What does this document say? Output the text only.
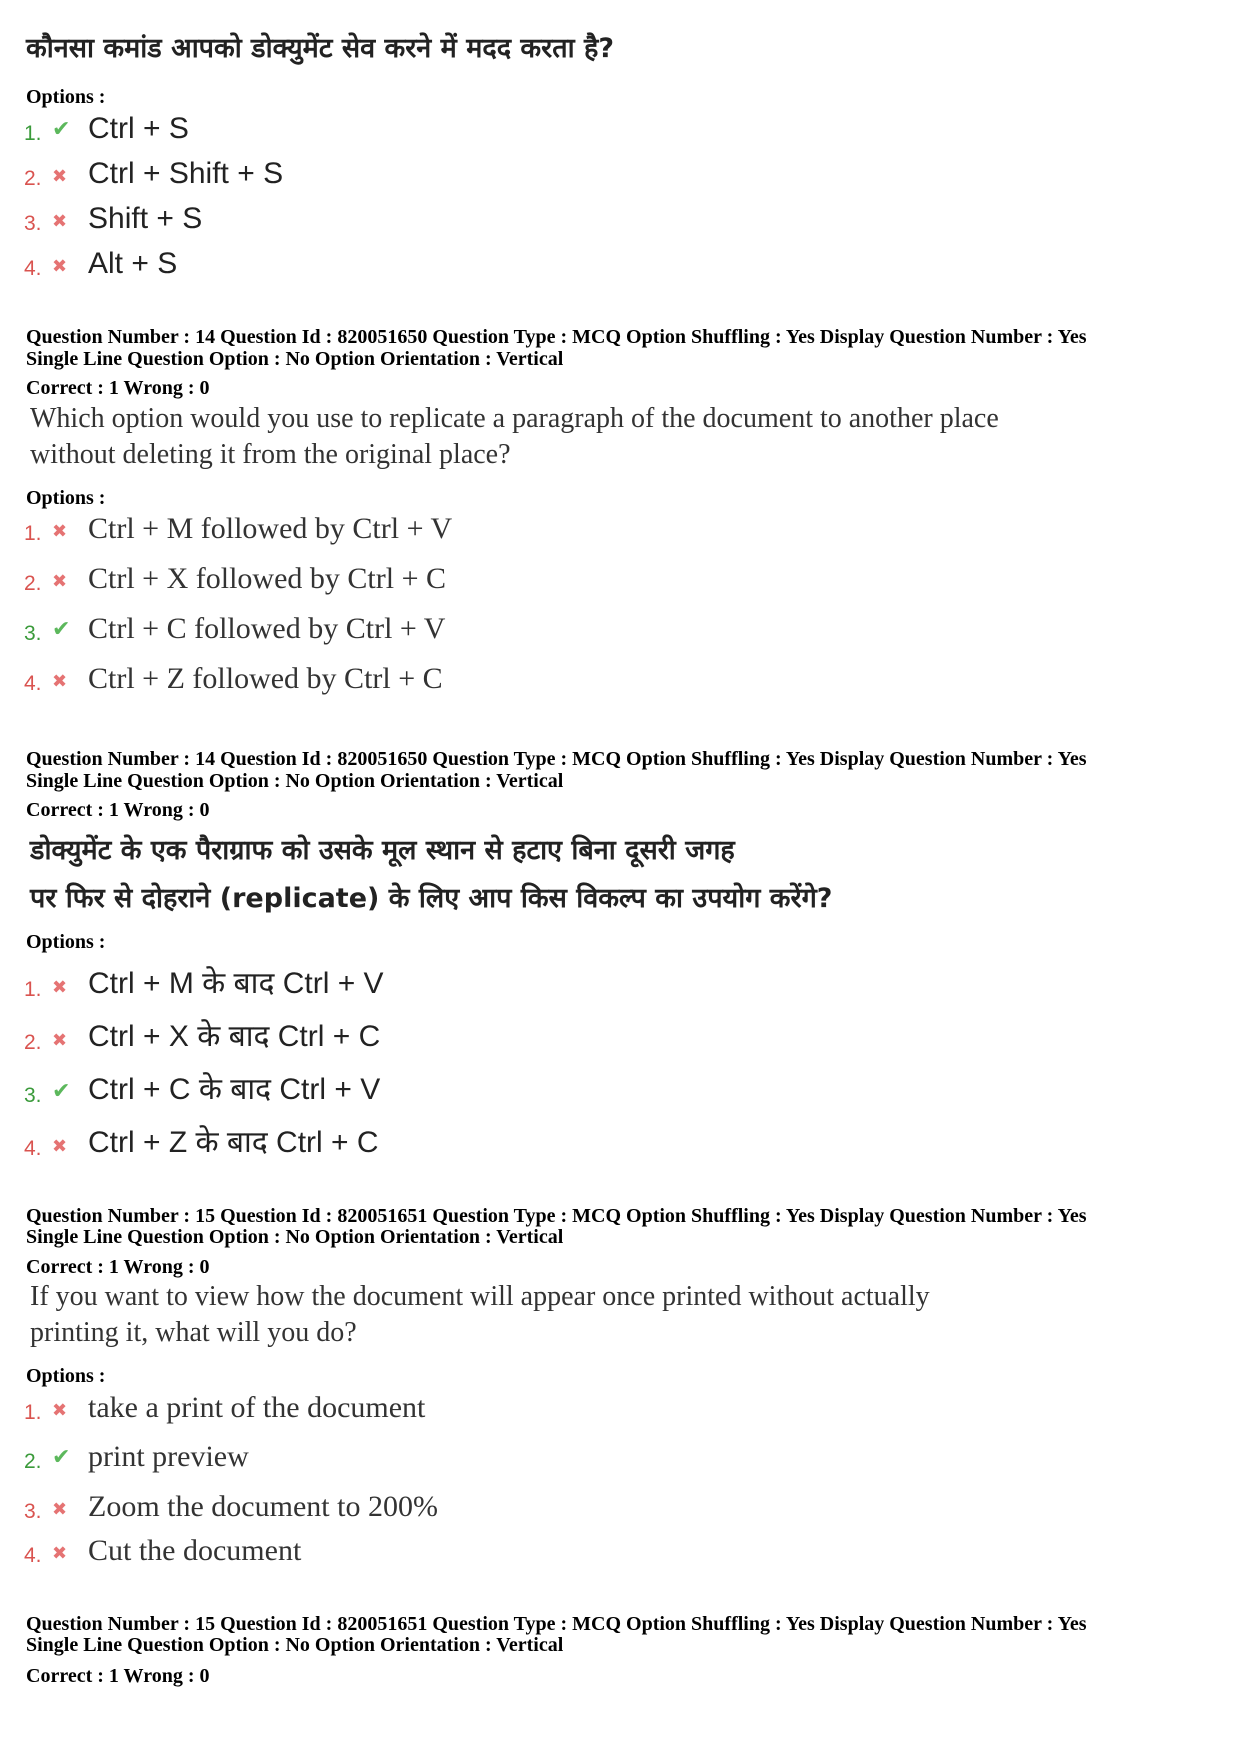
कौनसा कमांड आपको डोक्युमेंट सेव करने में मदद करता है?
Options :
1. ✔ Ctrl + S
2. ✖ Ctrl + Shift + S
3. ✖ Shift + S
4. ✖ Alt + S
Question Number : 14 Question Id : 820051650 Question Type : MCQ Option Shuffling : Yes Display Question Number : Yes
Single Line Question Option : No Option Orientation : Vertical
Correct : 1 Wrong : 0
Which option would you use to replicate a paragraph of the document to another place
without deleting it from the original place?
Options :
1. ✖ Ctrl + M followed by Ctrl + V
2. ✖ Ctrl + X followed by Ctrl + C
3. ✔ Ctrl + C followed by Ctrl + V
4. ✖ Ctrl + Z followed by Ctrl + C
Question Number : 14 Question Id : 820051650 Question Type : MCQ Option Shuffling : Yes Display Question Number : Yes
Single Line Question Option : No Option Orientation : Vertical
Correct : 1 Wrong : 0
डोक्युमेंट के एक पैराग्राफ को उसके मूल स्थान से हटाए बिना दूसरी जगह
पर फिर से दोहराने (replicate) के लिए आप किस विकल्प का उपयोग करेंगे?
Options :
1. ✖ Ctrl + M के बाद Ctrl + V
2. ✖ Ctrl + X के बाद Ctrl + C
3. ✔ Ctrl + C के बाद Ctrl + V
4. ✖ Ctrl + Z के बाद Ctrl + C
Question Number : 15 Question Id : 820051651 Question Type : MCQ Option Shuffling : Yes Display Question Number : Yes
Single Line Question Option : No Option Orientation : Vertical
Correct : 1 Wrong : 0
If you want to view how the document will appear once printed without actually
printing it, what will you do?
Options :
1. ✖ take a print of the document
2. ✔ print preview
3. ✖ Zoom the document to 200%
4. ✖ Cut the document
Question Number : 15 Question Id : 820051651 Question Type : MCQ Option Shuffling : Yes Display Question Number : Yes
Single Line Question Option : No Option Orientation : Vertical
Correct : 1 Wrong : 0
